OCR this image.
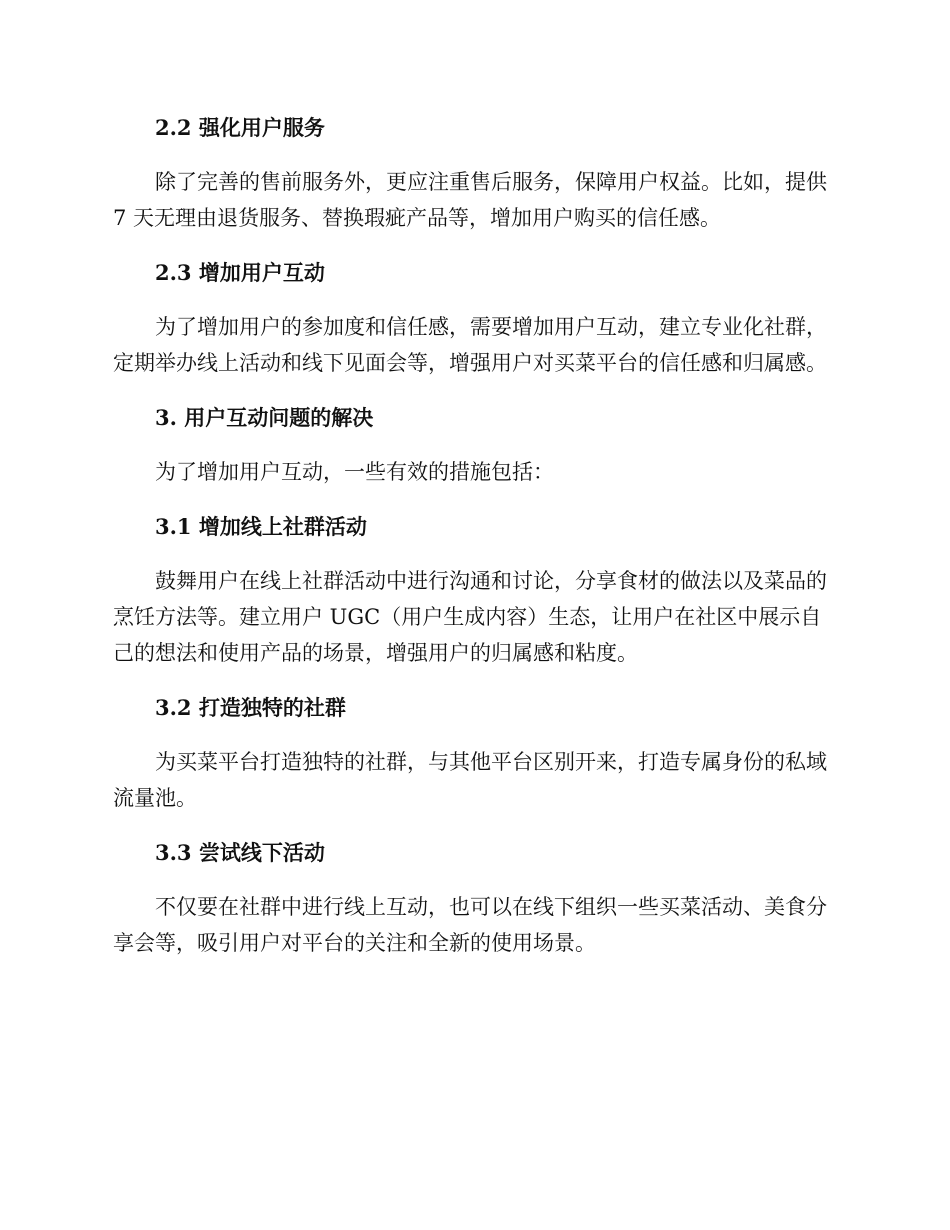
2.2 强化用户服务

除了完善的售前服务外，更应注重售后服务，保障用户权益。比如，提供 7 天无理由退货服务、替换瑕疵产品等，增加用户购买的信任感。

2.3 增加用户互动

为了增加用户的参加度和信任感，需要增加用户互动，建立专业化社群，定期举办线上活动和线下见面会等，增强用户对买菜平台的信任感和归属感。

3. 用户互动问题的解决

为了增加用户互动，一些有效的措施包括：

3.1 增加线上社群活动

鼓舞用户在线上社群活动中进行沟通和讨论，分享食材的做法以及菜品的烹饪方法等。建立用户 UGC（用户生成内容）生态，让用户在社区中展示自己的想法和使用产品的场景，增强用户的归属感和粘度。

3.2 打造独特的社群

为买菜平台打造独特的社群，与其他平台区别开来，打造专属身份的私域流量池。

3.3 尝试线下活动

不仅要在社群中进行线上互动，也可以在线下组织一些买菜活动、美食分享会等，吸引用户对平台的关注和全新的使用场景。
